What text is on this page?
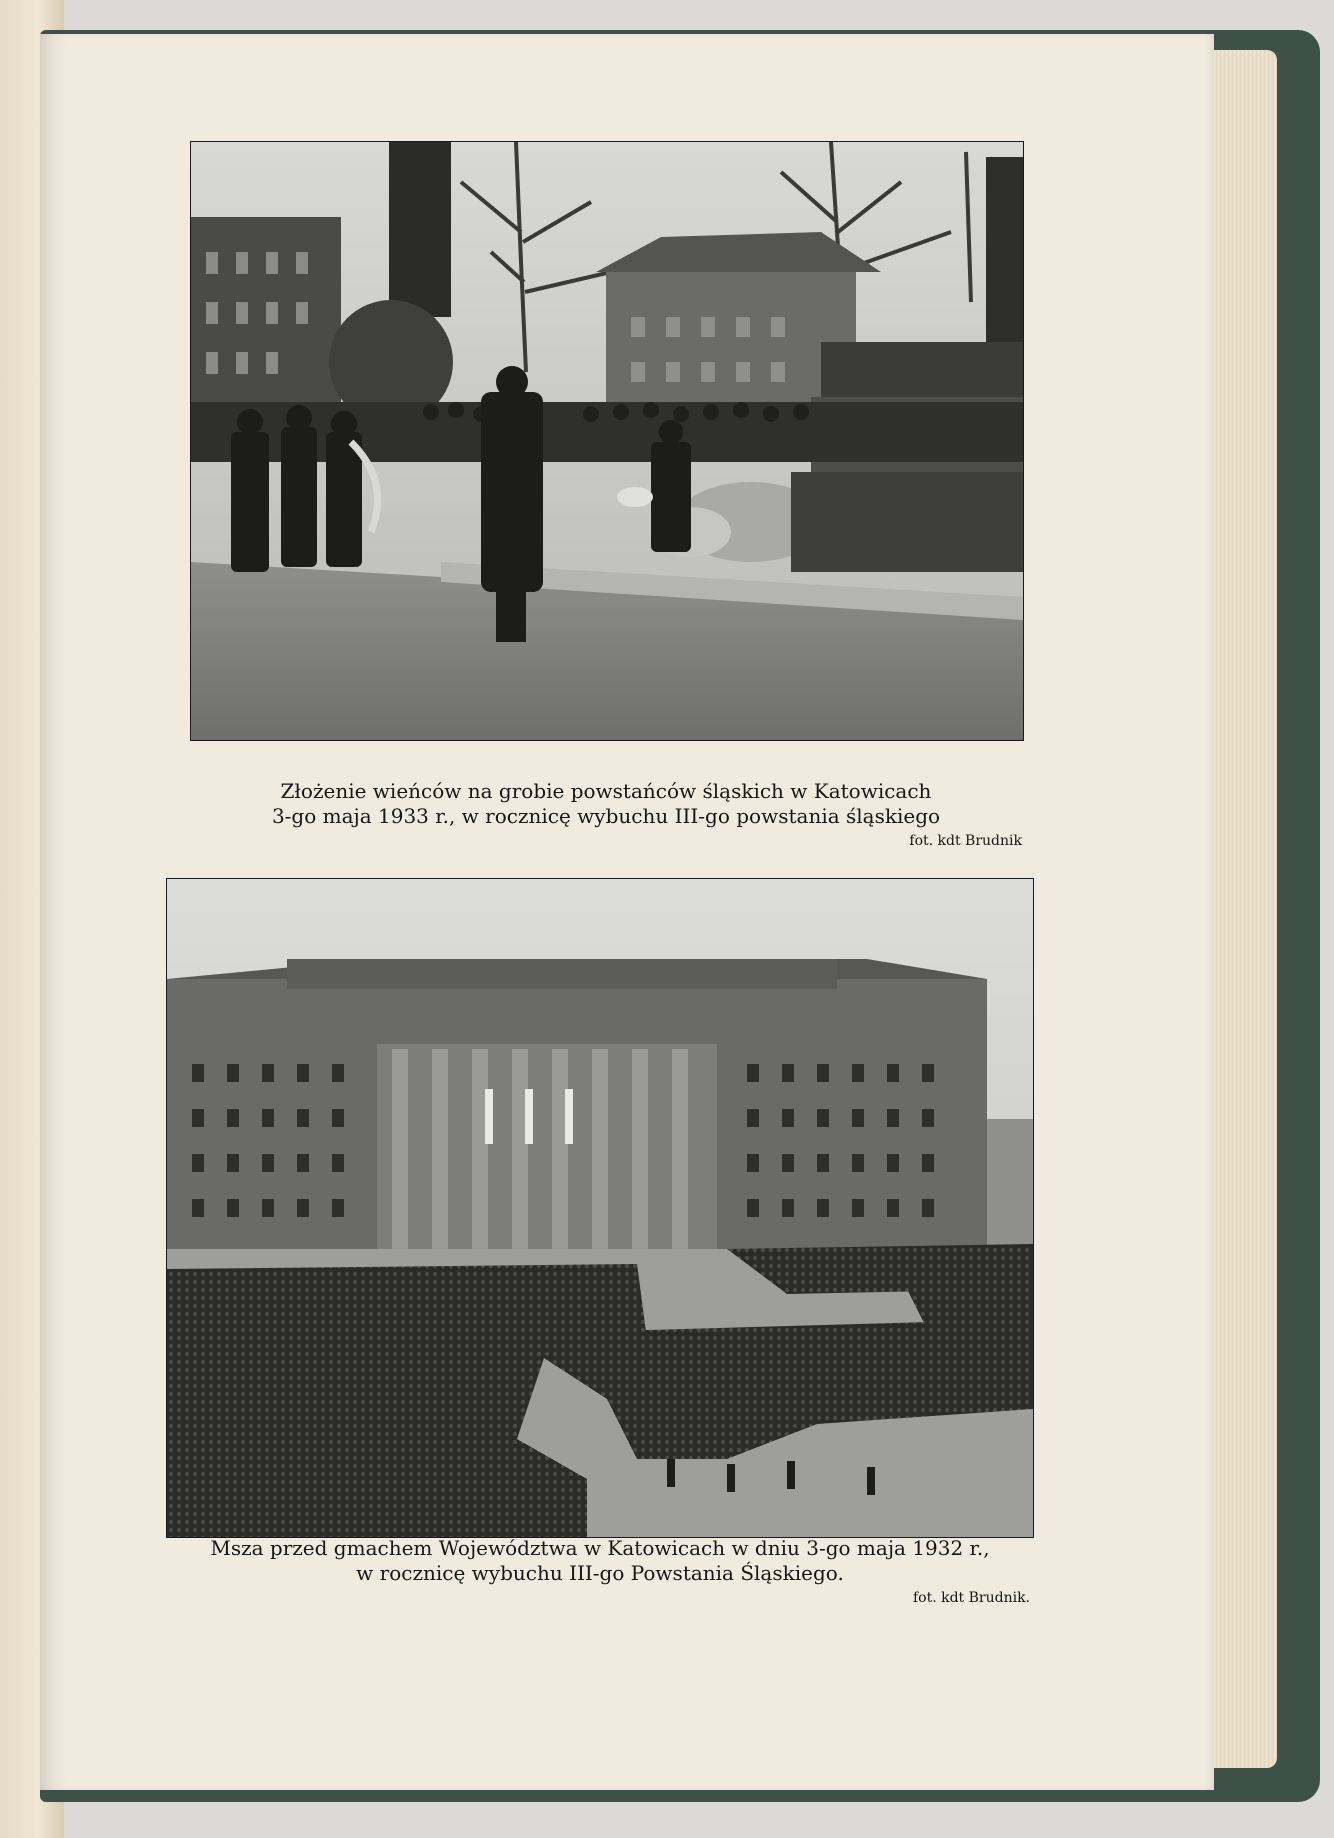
Złożenie wieńców na grobie powstańców śląskich w Katowicach
3-go maja 1933 r., w rocznicę wybuchu III-go powstania śląskiego
fot. kdt Brudnik
Msza przed gmachem Województwa w Katowicach w dniu 3-go maja 1932 r.,
w rocznicę wybuchu III-go Powstania Śląskiego.
fot. kdt Brudnik.
